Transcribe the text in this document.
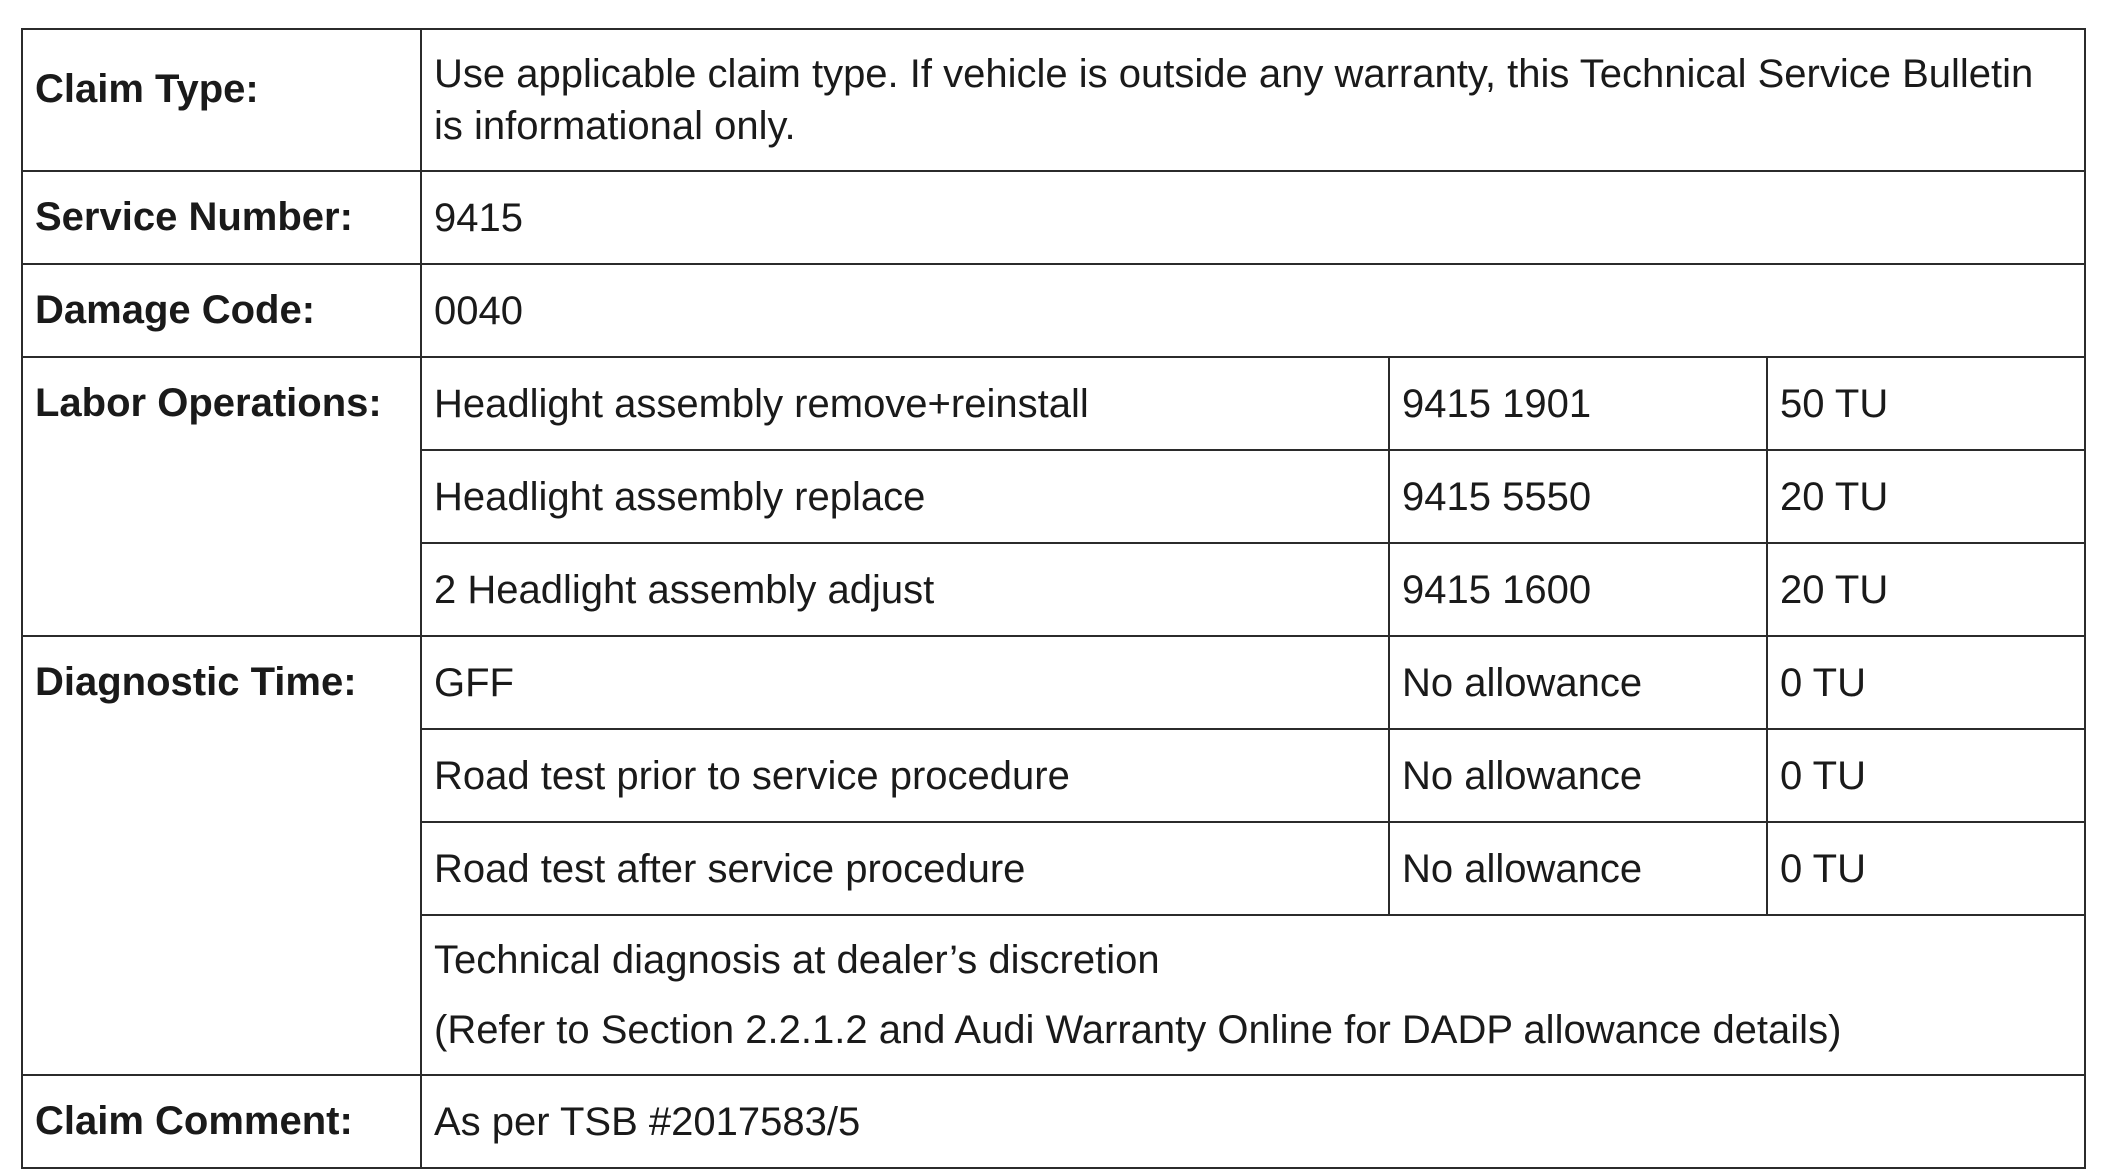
Claim Type:	Use applicable claim type. If vehicle is outside any warranty, this Technical Service Bulletin is informational only.		

Service Number:	9415		

Damage Code:	0040		

Labor Operations:	Headlight assembly remove+reinstall	9415 1901	50 TU
	Headlight assembly replace	9415 5550	20 TU
	2 Headlight assembly adjust	9415 1600	20 TU

Diagnostic Time:	GFF	No allowance	0 TU
	Road test prior to service procedure	No allowance	0 TU
	Road test after service procedure	No allowance	0 TU

	Technical diagnosis at dealer’s discretion
(Refer to Section 2.2.1.2 and Audi Warranty Online for DADP allowance details)		

Claim Comment:	As per TSB #2017583/5		
